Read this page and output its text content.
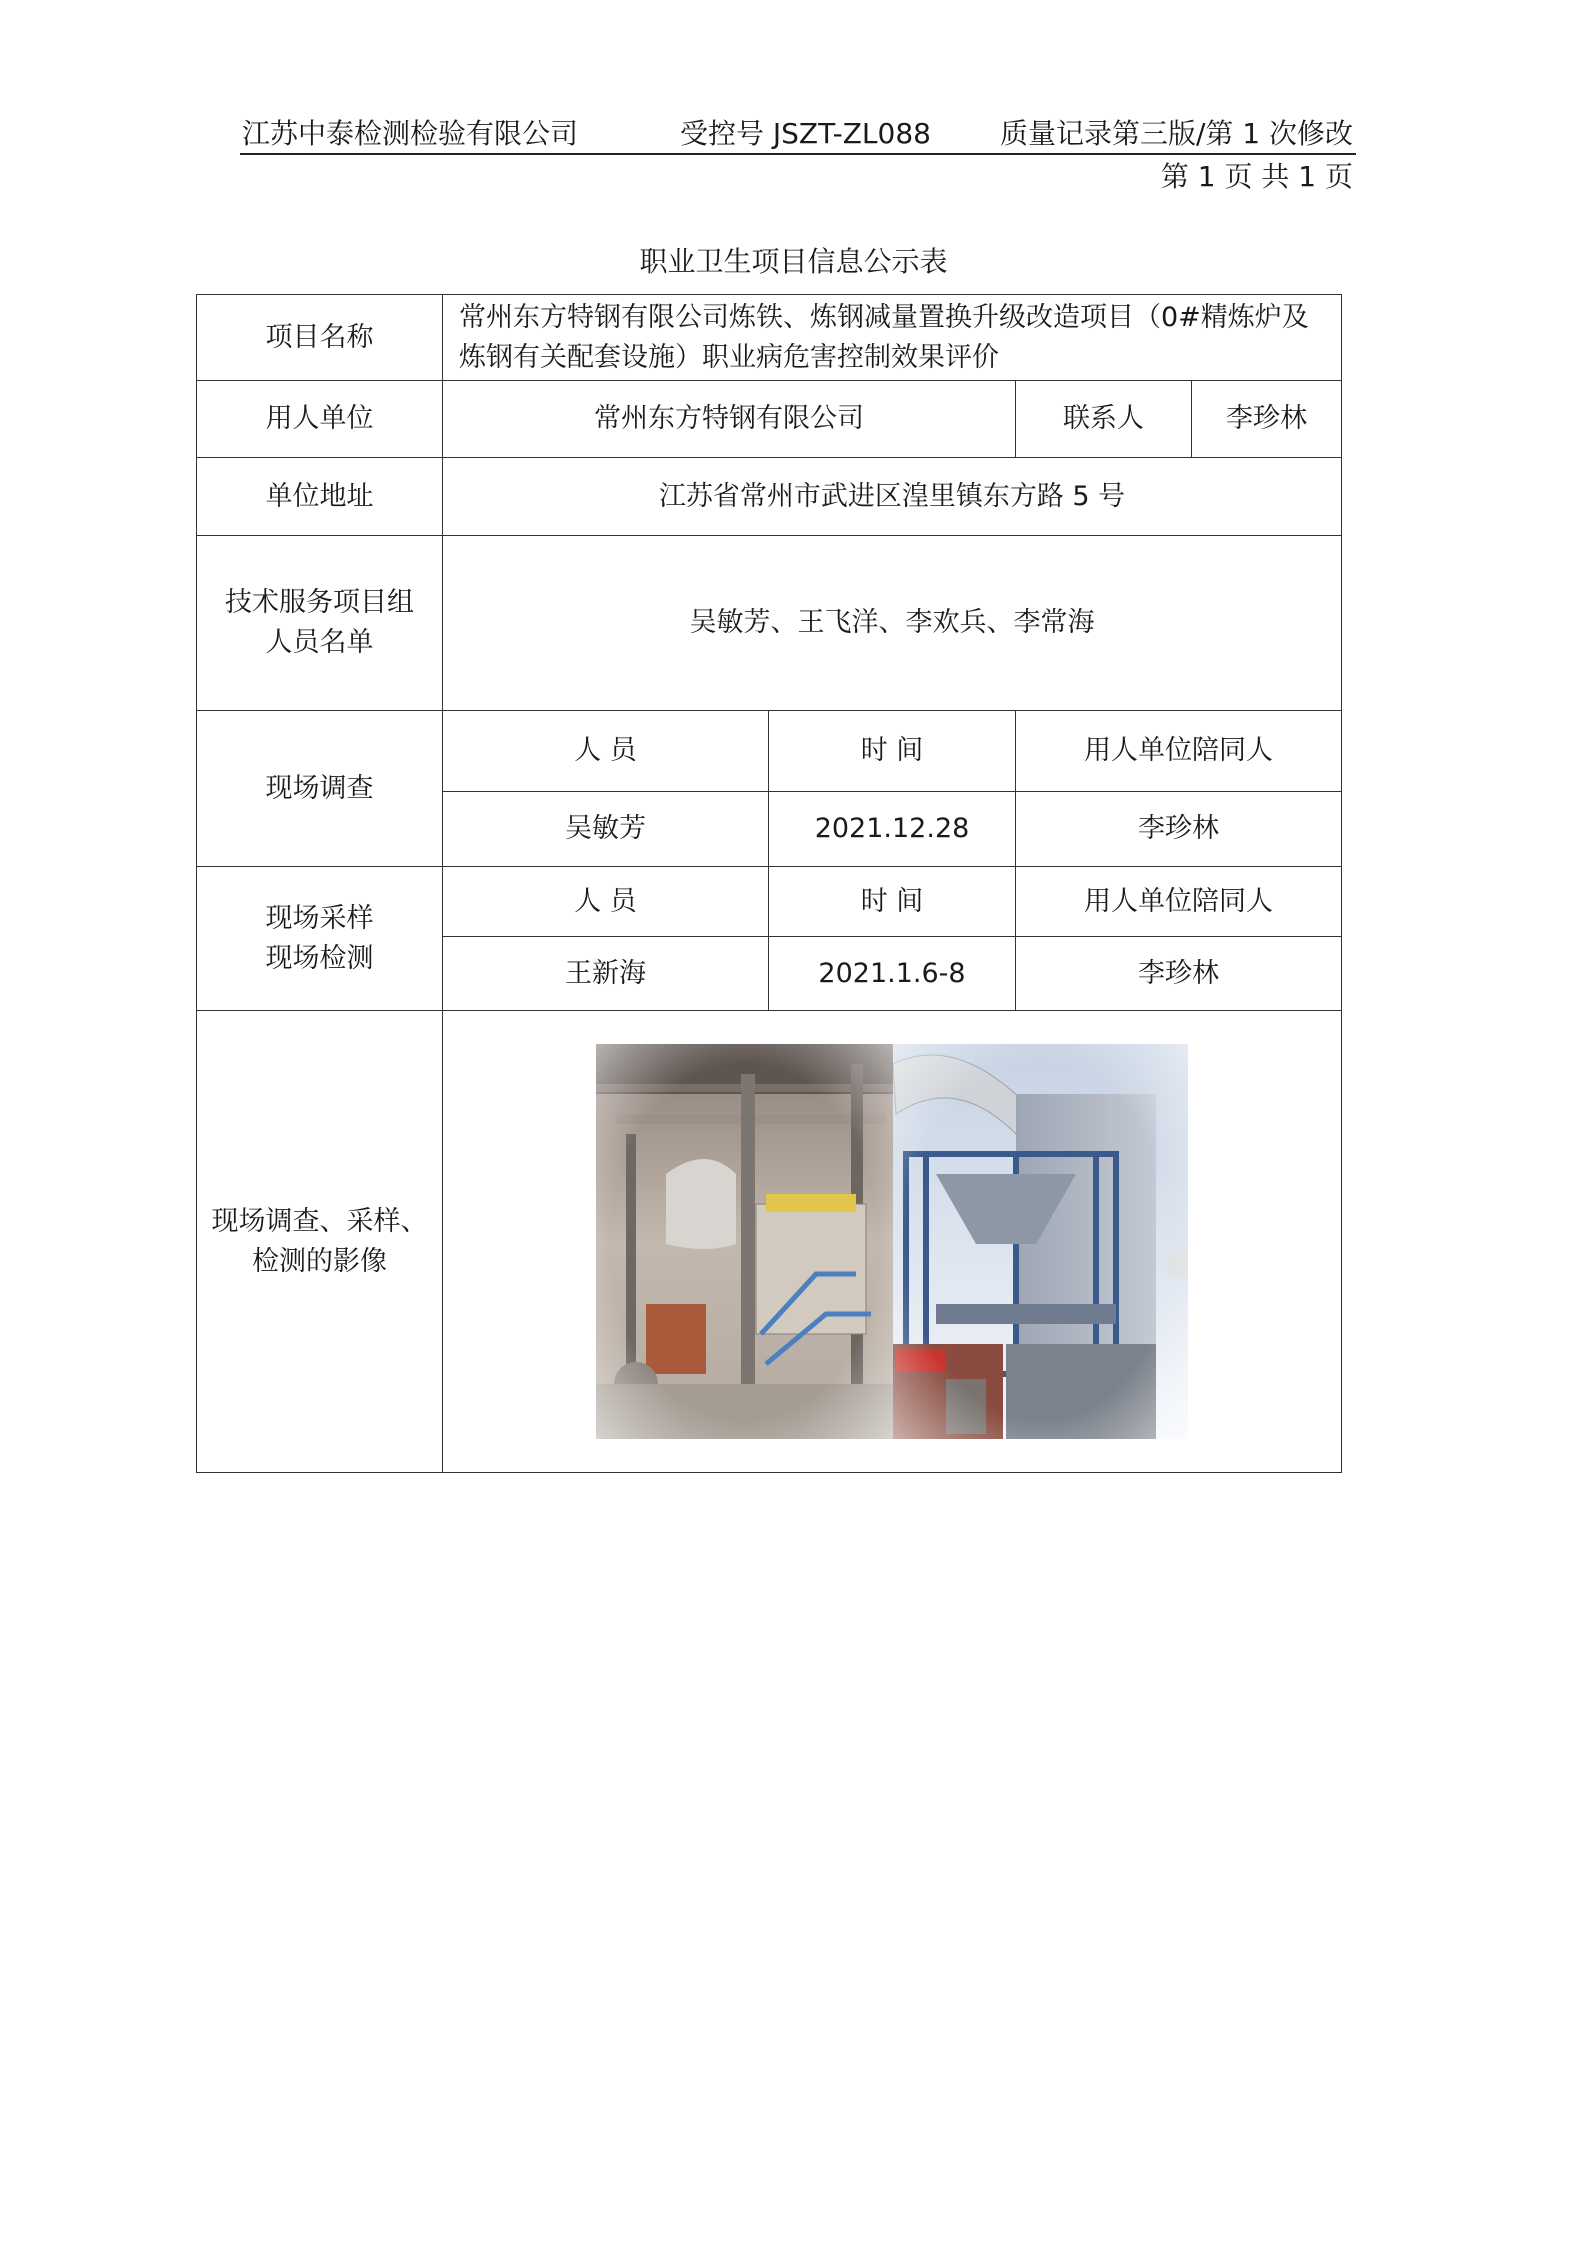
江苏中泰检测检验有限公司	受控号 JSZT-ZL088 质量记录第三版/第 1 次修改
第 1 页 共 1 页
职业卫生项目信息公示表
项目名称	常州东方特钢有限公司炼铁、炼钢减量置换升级改造项目（0#精炼炉及
炼钢有关配套设施）职业病危害控制效果评价			

用人单位	常州东方特钢有限公司		联系人	李珍林
单位地址	江苏省常州市武进区湟里镇东方路 5 号			

技术服务项目组
人员名单	吴敏芳、王飞洋、李欢兵、李常海			
现场调查	人 员	时 间	用人单位陪同人	
	吴敏芳	2021.12.28	李珍林	

现场采样
现场检测	人 员	时 间	用人单位陪同人	
	王新海	2021.1.6-8	李珍林	

现场调查、采样、
检测的影像
